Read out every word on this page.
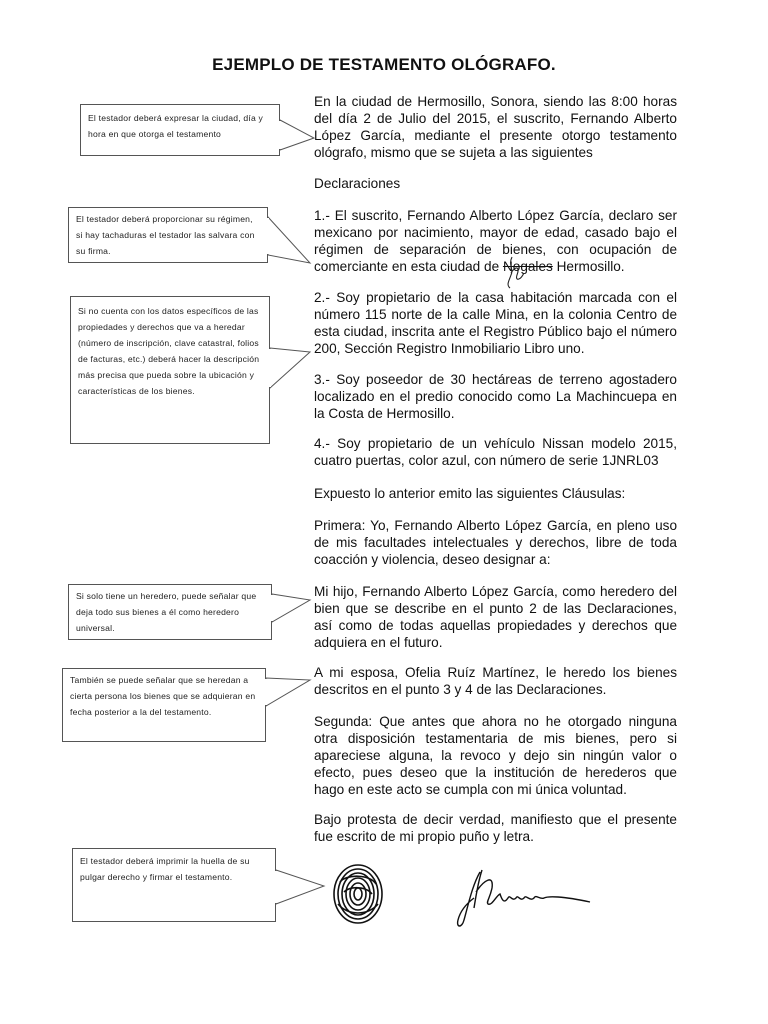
EJEMPLO DE TESTAMENTO OLÓGRAFO.

En la ciudad de Hermosillo, Sonora, siendo las 8:00 horas del día 2 de Julio del 2015, el suscrito, Fernando Alberto López García, mediante el presente otorgo testamento ológrafo, mismo que se sujeta a las siguientes

Declaraciones

1.- El suscrito, Fernando Alberto López García, declaro ser mexicano por nacimiento, mayor de edad, casado bajo el régimen de separación de bienes, con ocupación de comerciante en esta ciudad de Nogales Hermosillo.

2.- Soy propietario de la casa habitación marcada con el número 115 norte de la calle Mina, en la colonia Centro de esta ciudad, inscrita ante el Registro Público bajo el número 200, Sección Registro Inmobiliario Libro uno.

3.- Soy poseedor de 30 hectáreas de terreno agostadero localizado en el predio conocido como La Machincuepa en la Costa de Hermosillo.

4.- Soy propietario de un vehículo Nissan modelo 2015, cuatro puertas, color azul, con número de serie 1JNRL03

Expuesto lo anterior emito las siguientes Cláusulas:

Primera: Yo, Fernando Alberto López García, en pleno uso de mis facultades intelectuales y derechos, libre de toda coacción y violencia, deseo designar a:

Mi hijo, Fernando Alberto López García, como heredero del bien que se describe en el punto 2 de las Declaraciones, así como de todas aquellas propiedades y derechos que adquiera en el futuro.

A mi esposa, Ofelia Ruíz Martínez, le heredo los bienes descritos en el punto 3 y 4 de las Declaraciones.

Segunda: Que antes que ahora no he otorgado ninguna otra disposición testamentaria de mis bienes, pero si apareciese alguna, la revoco y dejo sin ningún valor o efecto, pues deseo que la institución de herederos que hago en este acto se cumpla con mi única voluntad.

Bajo protesta de decir verdad, manifiesto que el presente fue escrito de mi propio puño y letra.

El testador deberá expresar la ciudad, día y hora en que otorga el testamento
El testador deberá proporcionar su régimen, si hay tachaduras el testador las salvara con su firma.
Si no cuenta con los datos específicos de las propiedades y derechos que va a heredar (número de inscripción, clave catastral, folios de facturas, etc.) deberá hacer la descripción más precisa que pueda sobre la ubicación y características de los bienes.
Si solo tiene un heredero, puede señalar que deja todo sus bienes a él como heredero universal.
También se puede señalar que se heredan a cierta persona los bienes que se adquieran en fecha posterior a la del testamento.
El testador deberá imprimir la huella de su pulgar derecho y firmar el testamento.
